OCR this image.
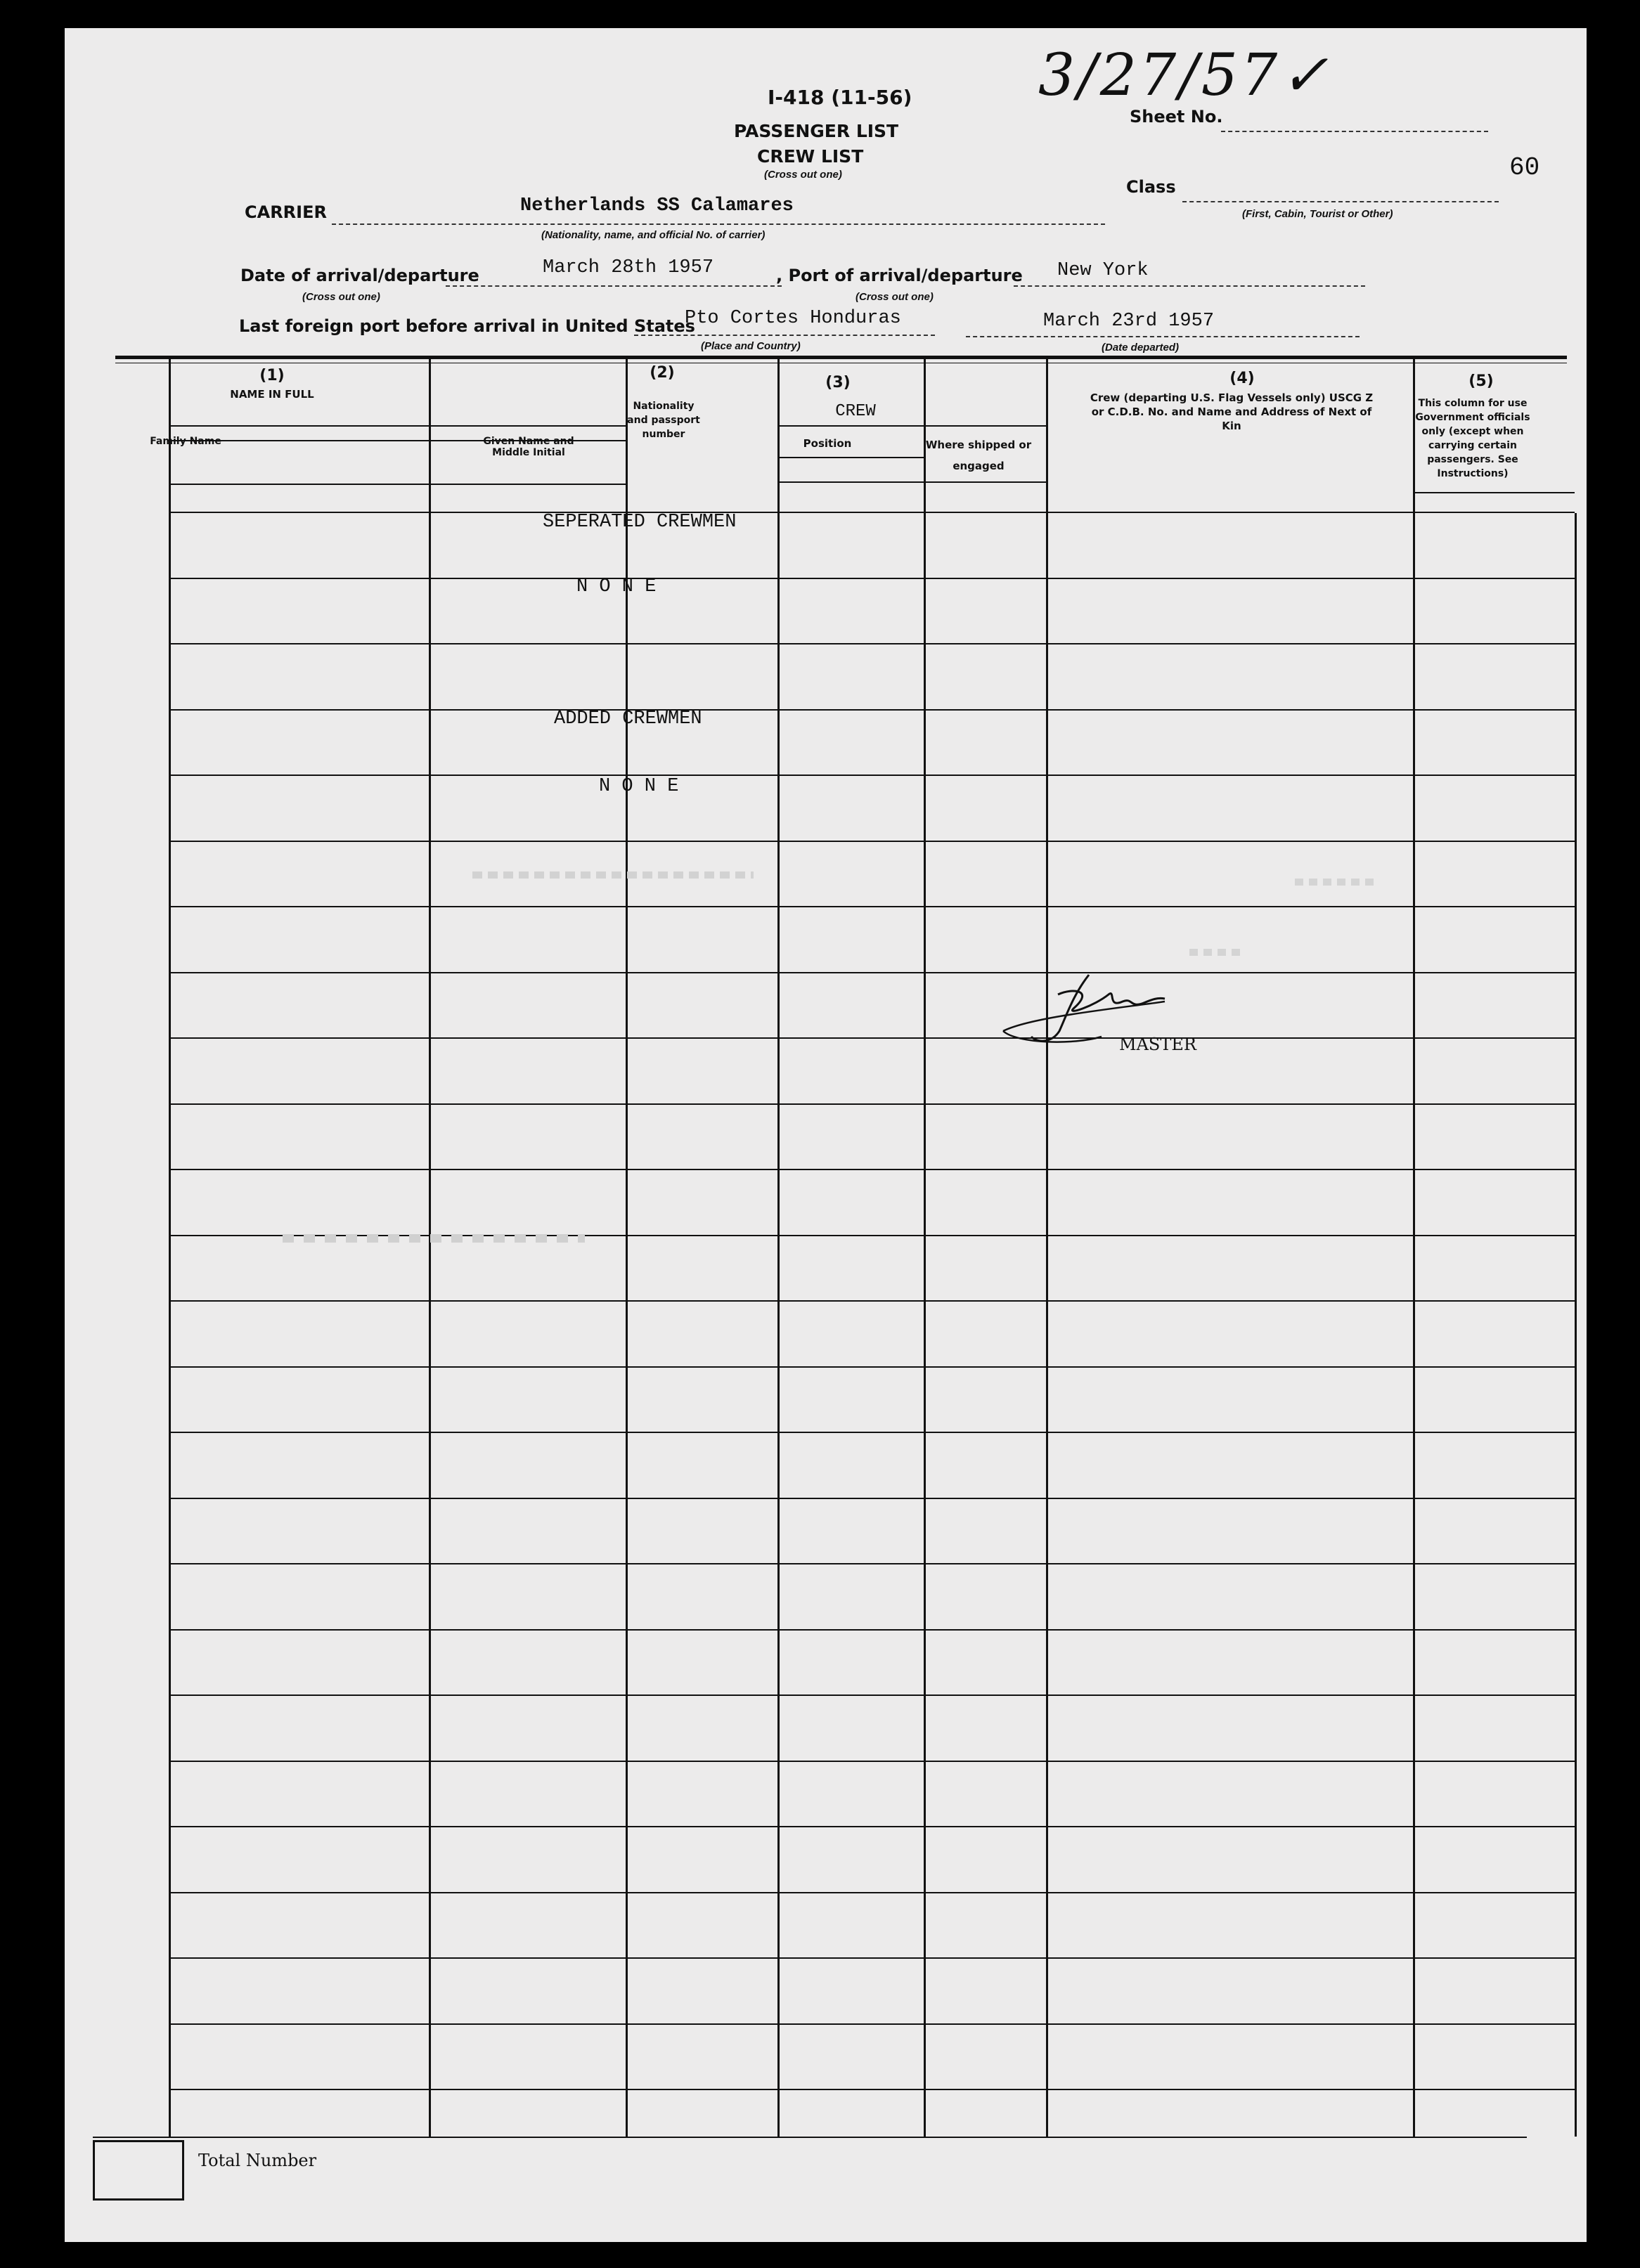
I-418 (11-56)
PASSENGER LIST
CREW LIST
(Cross out one)
3/27/57✓
Sheet No.
60
Class
(First, Cabin, Tourist or Other)
CARRIER	Netherlands SS Calamares
(Nationality, name, and official No. of carrier)
Date of arrival/departure	March 28th 1957
(Cross out one)
, Port of arrival/departure New York
(Cross out one)
Last foreign port before arrival in United States
Pto Cortes Honduras
(Place and Country)
March 23rd 1957
(Date departed)
(1)
NAME IN FULL
Family Name	Given Name and Middle Initial
(2)
Nationality and passport number
(3)
CREW
Position	Where shipped or engaged
(4)
Crew (departing U.S. Flag Vessels only) USCG Z or C.D.B. No. and Name and Address of Next of Kin
(5)
This column for use Government officials only (except when carrying certain passengers. See Instructions)
SEPERATED CREWMEN
N O N E
ADDED CREWMEN
N O N E
MASTER
Total Number
